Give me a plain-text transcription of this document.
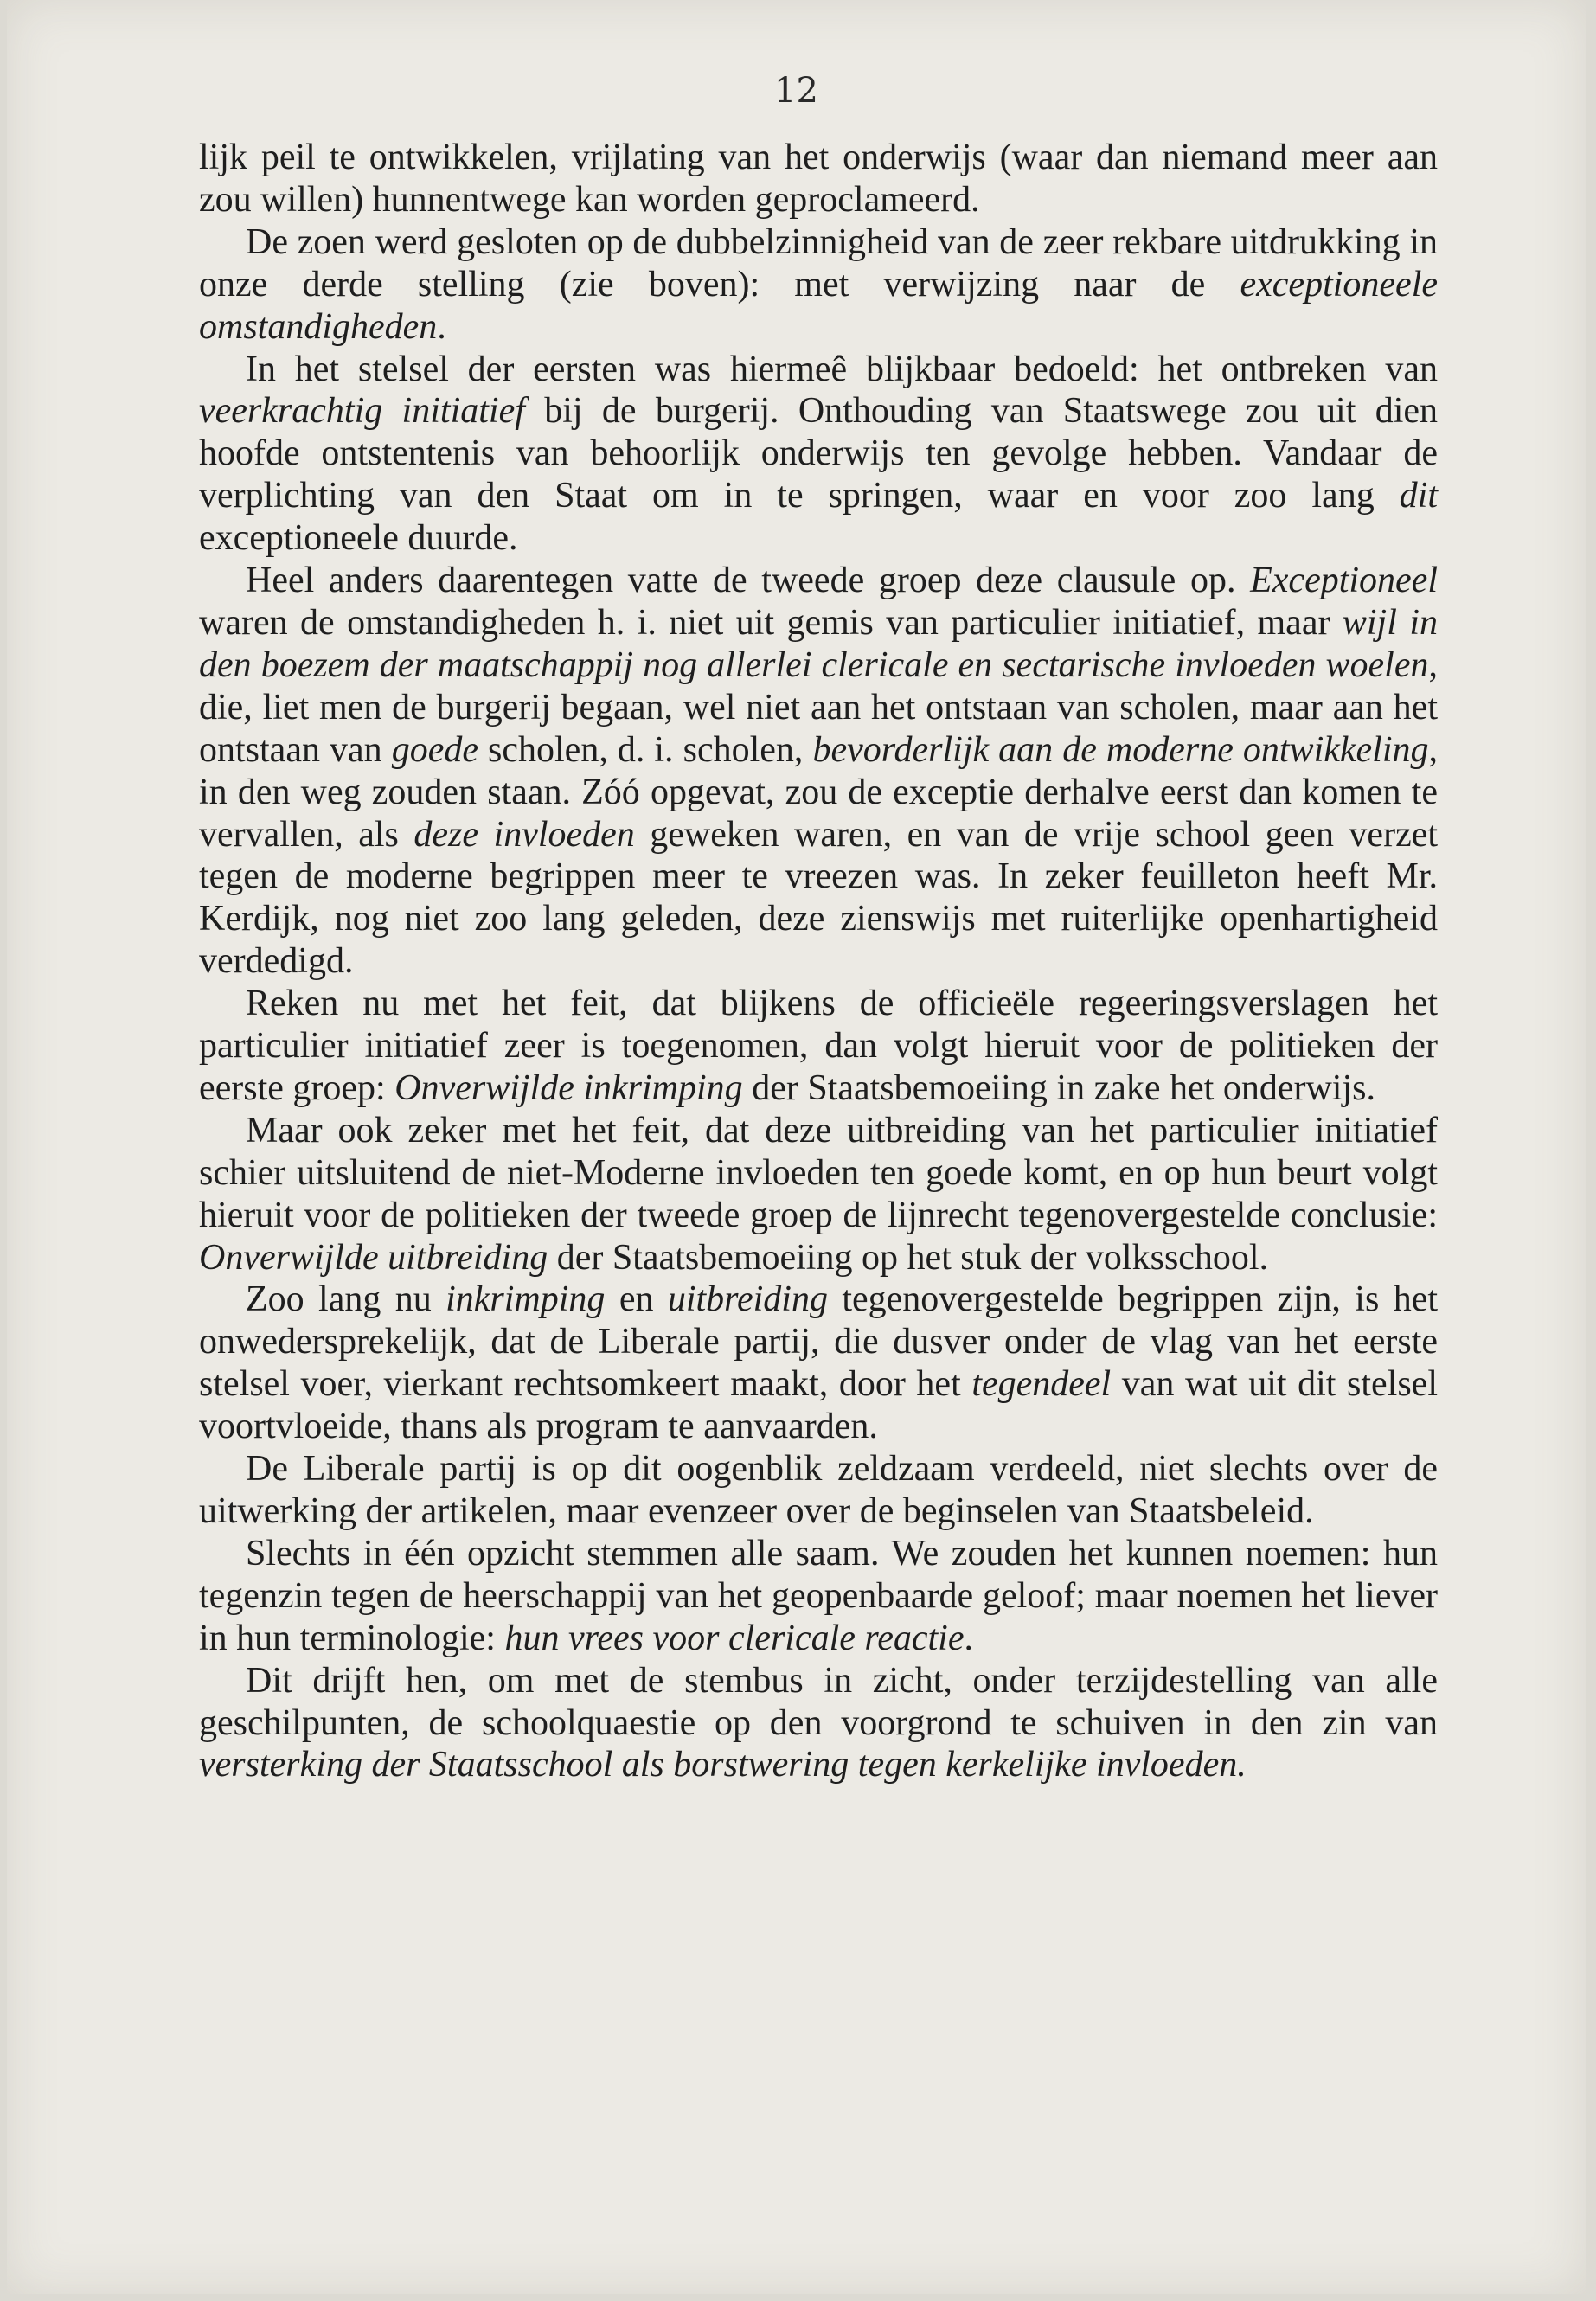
12

lijk peil te ontwikkelen, vrijlating van het onderwijs (waar dan niemand meer aan zou willen) hunnentwege kan worden geproclameerd.

De zoen werd gesloten op de dubbelzinnigheid van de zeer rekbare uitdrukking in onze derde stelling (zie boven): met verwijzing naar de exceptioneele omstandigheden.

In het stelsel der eersten was hiermeê blijkbaar bedoeld: het ontbreken van veerkrachtig initiatief bij de burgerij. Onthouding van Staatswege zou uit dien hoofde ontstentenis van behoorlijk onderwijs ten gevolge hebben. Vandaar de verplichting van den Staat om in te springen, waar en voor zoo lang dit exceptioneele duurde.

Heel anders daarentegen vatte de tweede groep deze clausule op. Exceptioneel waren de omstandigheden h. i. niet uit gemis van particulier initiatief, maar wijl in den boezem der maatschappij nog allerlei clericale en sectarische invloeden woelen, die, liet men de burgerij begaan, wel niet aan het ontstaan van scholen, maar aan het ontstaan van goede scholen, d. i. scholen, bevorderlijk aan de moderne ontwikkeling, in den weg zouden staan. Zóó opgevat, zou de exceptie derhalve eerst dan komen te vervallen, als deze invloeden geweken waren, en van de vrije school geen verzet tegen de moderne begrippen meer te vreezen was. In zeker feuilleton heeft Mr. Kerdijk, nog niet zoo lang geleden, deze zienswijs met ruiterlijke openhartigheid verdedigd.

Reken nu met het feit, dat blijkens de officieële regeeringsverslagen het particulier initiatief zeer is toegenomen, dan volgt hieruit voor de politieken der eerste groep: Onverwijlde inkrimping der Staatsbemoeiing in zake het onderwijs.

Maar ook zeker met het feit, dat deze uitbreiding van het particulier initiatief schier uitsluitend de niet-Moderne invloeden ten goede komt, en op hun beurt volgt hieruit voor de politieken der tweede groep de lijnrecht tegenovergestelde conclusie: Onverwijlde uitbreiding der Staatsbemoeiing op het stuk der volksschool.

Zoo lang nu inkrimping en uitbreiding tegenovergestelde begrippen zijn, is het onwedersprekelijk, dat de Liberale partij, die dusver onder de vlag van het eerste stelsel voer, vierkant rechtsomkeert maakt, door het tegendeel van wat uit dit stelsel voortvloeide, thans als program te aanvaarden.

De Liberale partij is op dit oogenblik zeldzaam verdeeld, niet slechts over de uitwerking der artikelen, maar evenzeer over de beginselen van Staatsbeleid.

Slechts in één opzicht stemmen alle saam. We zouden het kunnen noemen: hun tegenzin tegen de heerschappij van het geopenbaarde geloof; maar noemen het liever in hun terminologie: hun vrees voor clericale reactie.

Dit drijft hen, om met de stembus in zicht, onder terzijdestelling van alle geschilpunten, de schoolquaestie op den voorgrond te schuiven in den zin van versterking der Staatsschool als borstwering tegen kerkelijke invloeden.
